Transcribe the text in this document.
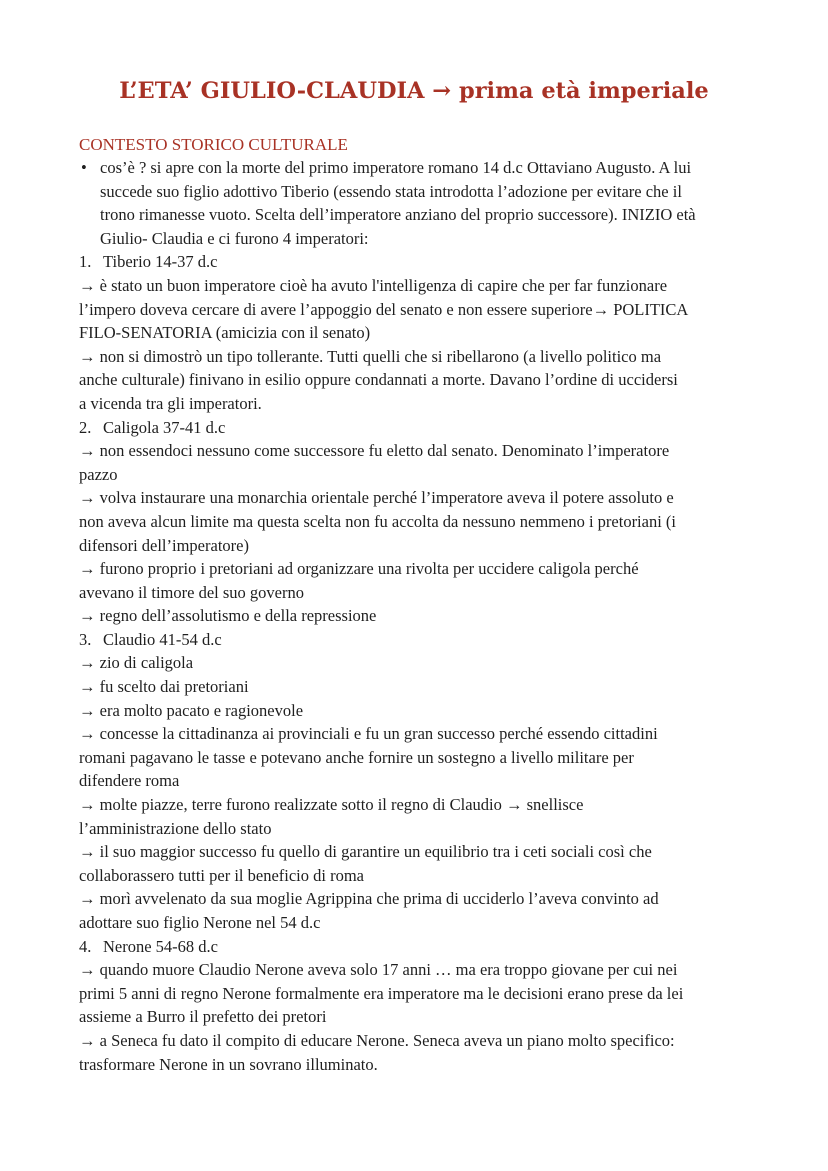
L’ETA’ GIULIO-CLAUDIA → prima età imperiale
CONTESTO STORICO CULTURALE
• cos’è ? si apre con la morte del primo imperatore romano 14 d.c Ottaviano Augusto. A lui
succede suo figlio adottivo Tiberio (essendo stata introdotta l’adozione per evitare che il
trono rimanesse vuoto. Scelta dell’imperatore anziano del proprio successore). INIZIO età
Giulio- Claudia e ci furono 4 imperatori:
1. Tiberio 14-37 d.c
→ è stato un buon imperatore cioè ha avuto l'intelligenza di capire che per far funzionare
l’impero doveva cercare di avere l’appoggio del senato e non essere superiore→ POLITICA
FILO-SENATORIA (amicizia con il senato)
→ non si dimostrò un tipo tollerante. Tutti quelli che si ribellarono (a livello politico ma
anche culturale) finivano in esilio oppure condannati a morte. Davano l’ordine di uccidersi
a vicenda tra gli imperatori.
2. Caligola 37-41 d.c
→ non essendoci nessuno come successore fu eletto dal senato. Denominato l’imperatore
pazzo
→ volva instaurare una monarchia orientale perché l’imperatore aveva il potere assoluto e
non aveva alcun limite ma questa scelta non fu accolta da nessuno nemmeno i pretoriani (i
difensori dell’imperatore)
→ furono proprio i pretoriani ad organizzare una rivolta per uccidere caligola perché
avevano il timore del suo governo
→ regno dell’assolutismo e della repressione
3. Claudio 41-54 d.c
→ zio di caligola
→ fu scelto dai pretoriani
→ era molto pacato e ragionevole
→ concesse la cittadinanza ai provinciali e fu un gran successo perché essendo cittadini
romani pagavano le tasse e potevano anche fornire un sostegno a livello militare per
difendere roma
→ molte piazze, terre furono realizzate sotto il regno di Claudio → snellisce
l’amministrazione dello stato
→ il suo maggior successo fu quello di garantire un equilibrio tra i ceti sociali così che
collaborassero tutti per il beneficio di roma
→ morì avvelenato da sua moglie Agrippina che prima di ucciderlo l’aveva convinto ad
adottare suo figlio Nerone nel 54 d.c
4. Nerone 54-68 d.c
→ quando muore Claudio Nerone aveva solo 17 anni … ma era troppo giovane per cui nei
primi 5 anni di regno Nerone formalmente era imperatore ma le decisioni erano prese da lei
assieme a Burro il prefetto dei pretori
→ a Seneca fu dato il compito di educare Nerone. Seneca aveva un piano molto specifico:
trasformare Nerone in un sovrano illuminato.
